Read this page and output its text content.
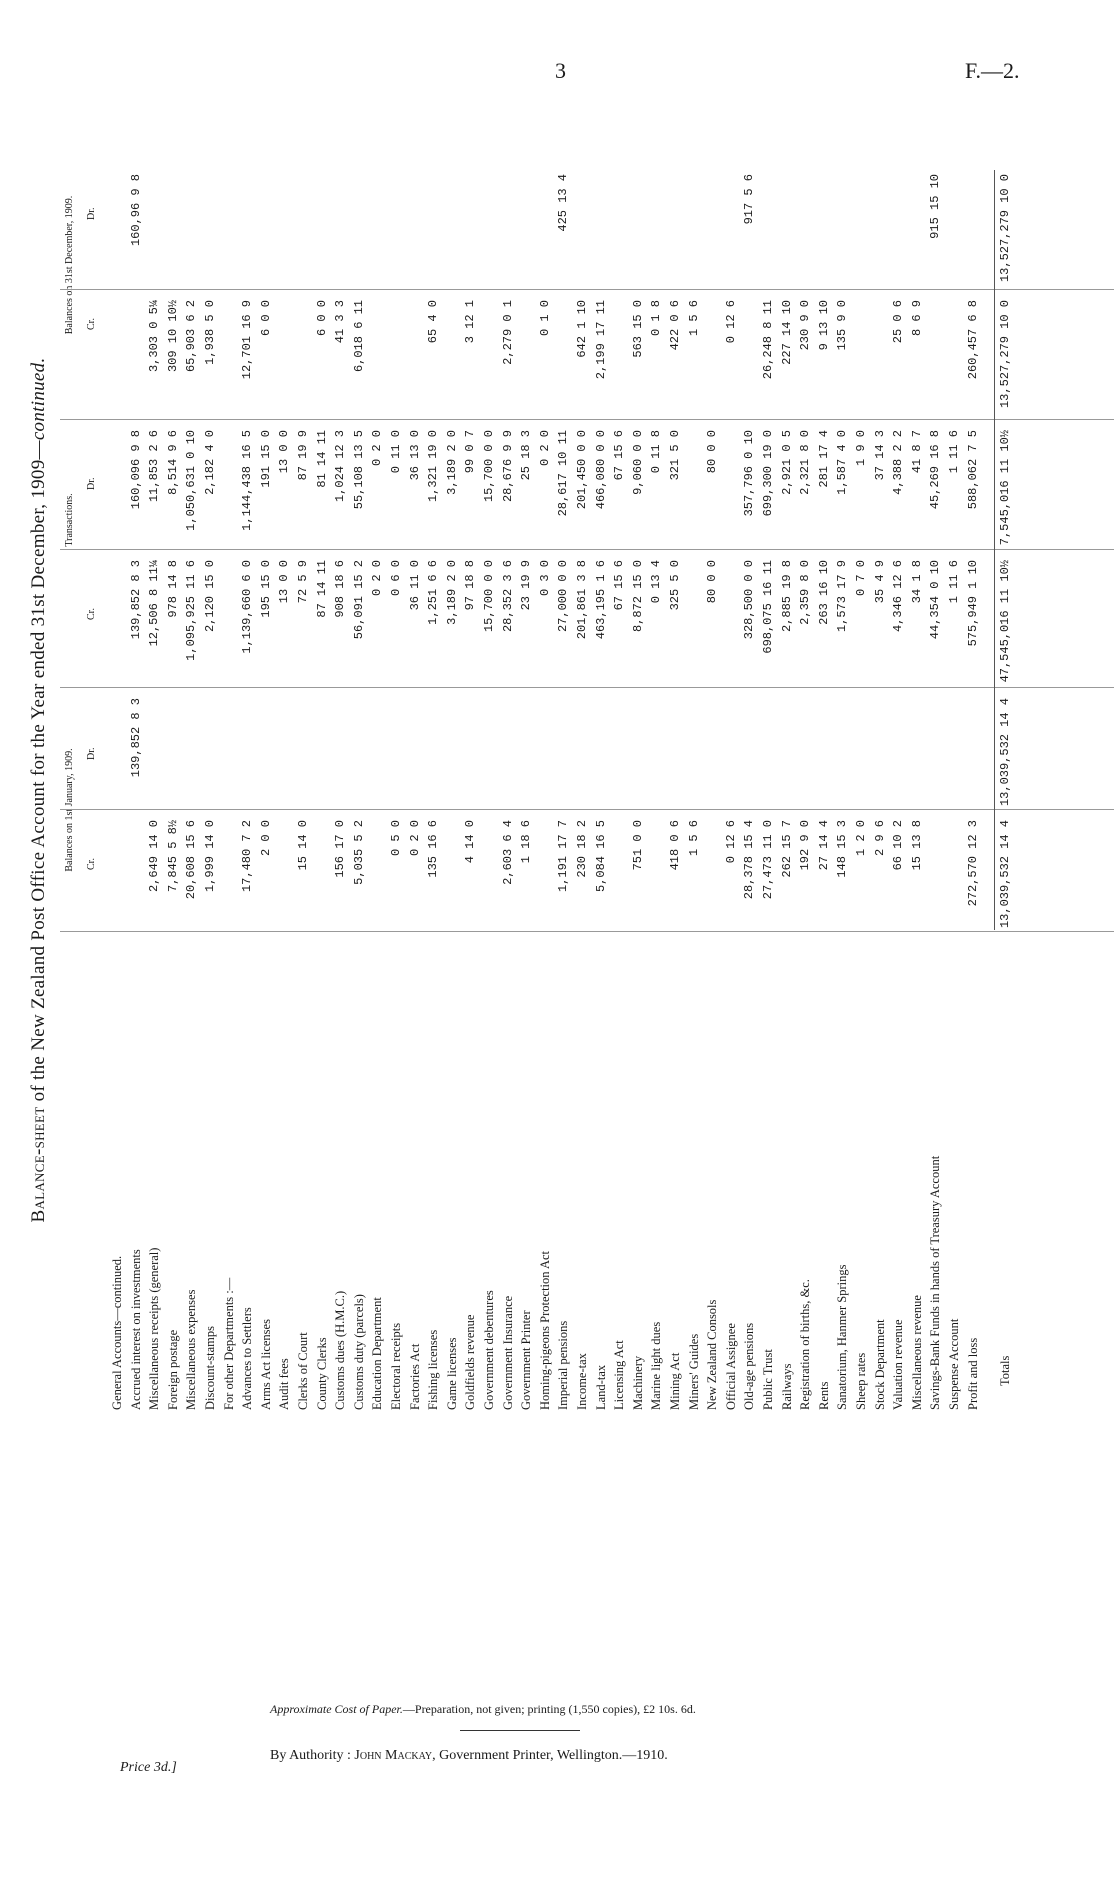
3	F.—2.
Balance-sheet of the New Zealand Post Office Account for the Year ended 31st December, 1909—continued.
Balances on 1st January, 1909.
Transactions.
Balances on 31st December, 1909.
Cr.
Dr.
Cr.
Dr.
Cr.
Dr.
General Accounts—continued. Accrued interest on investments
139,852 8 3
139,852 8 3
160,096 9 8
160,96 9 8
Miscellaneous receipts (general)
2,649 14 0
12,506 8 11¼
11,853 2 6
3,303 0 5¼
Foreign postage
7,845 5 8½
978 14 8
8,514 9 6
309 10 10½
Miscellaneous expenses
20,608 15 6
1,095,925 11 6
1,050,631 0 10
65,903 6 2
Discount-stamps
1,999 14 0
2,120 15 0
2,182 4 0
1,938 5 0
For other Departments :— Advances to Settlers
17,480 7 2
1,139,660 6 0
1,144,438 16 5
12,701 16 9
Arms Act licenses
2 0 0
195 15 0
191 15 0
6 0 0
Audit fees
13 0 0
13 0 0
Clerks of Court
15 14 0
72 5 9
87 19 9
County Clerks
87 14 11
81 14 11
6 0 0
Customs dues (H.M.C.)
156 17 0
908 18 6
1,024 12 3
41 3 3
Customs duty (parcels)
5,035 5 2
56,091 15 2
55,108 13 5
6,018 6 11
Education Department
0 2 0
0 2 0
Electoral receipts
0 5 0
0 6 0
0 11 0
Factories Act
0 2 0
36 11 0
36 13 0
Fishing licenses
135 16 6
1,251 6 6
1,321 19 0
65 4 0
Game licenses
3,189 2 0
3,189 2 0
Goldfields revenue
4 14 0
97 18 8
99 0 7
3 12 1
Government debentures
15,700 0 0
15,700 0 0
Government Insurance
2,603 6 4
28,352 3 6
28,676 9 9
2,279 0 1
Government Printer
1 18 6
23 19 9
25 18 3
Homing-pigeons Protection Act
0 3 0
0 2 0
0 1 0
Imperial pensions
1,191 17 7
27,000 0 0
28,617 10 11
425 13 4
Income-tax
230 18 2
201,861 3 8
201,450 0 0
642 1 10
Land-tax
5,084 16 5
463,195 1 6
466,080 0 0
2,199 17 11
Licensing Act
67 15 6
67 15 6
Machinery
751 0 0
8,872 15 0
9,060 0 0
563 15 0
Marine light dues
0 13 4
0 11 8
0 1 8
Mining Act
418 0 6
325 5 0
321 5 0
422 0 6
Miners' Guides
1 5 6
1 5 6
New Zealand Consols
80 0 0
80 0 0
Official Assignee
0 12 6
0 12 6
Old-age pensions
28,378 15 4
328,500 0 0
357,796 0 10
917 5 6
Public Trust
27,473 11 0
698,075 16 11
699,300 19 0
26,248 8 11
Railways
262 15 7
2,885 19 8
2,921 0 5
227 14 10
Registration of births, &c.
192 9 0
2,359 8 0
2,321 8 0
230 9 0
Rents
27 14 4
263 16 10
281 17 4
9 13 10
Sanatorium, Hanmer Springs
148 15 3
1,573 17 9
1,587 4 0
135 9 0
Sheep rates
1 2 0
0 7 0
1 9 0
Stock Department
2 9 6
35 4 9
37 14 3
Valuation revenue
66 10 2
4,346 12 6
4,388 2 2
25 0 6
Miscellaneous revenue
15 13 8
34 1 8
41 8 7
8 6 9
Savings-Bank Funds in hands of Treasury Account
44,354 0 10
45,269 16 8
915 15 10
Suspense Account
1 11 6
1 11 6
Profit and loss
272,570 12 3
575,949 1 10
588,062 7 5
260,457 6 8
Totals
13,039,532 14 4
13,039,532 14 4
47,545,016 11 10½
7,545,016 11 10½
13,527,279 10 0
13,527,279 10 0
Approximate Cost of Paper.—Preparation, not given; printing (1,550 copies), £2 10s. 6d.
By Authority : John Mackay, Government Printer, Wellington.—1910.
Price 3d.]
